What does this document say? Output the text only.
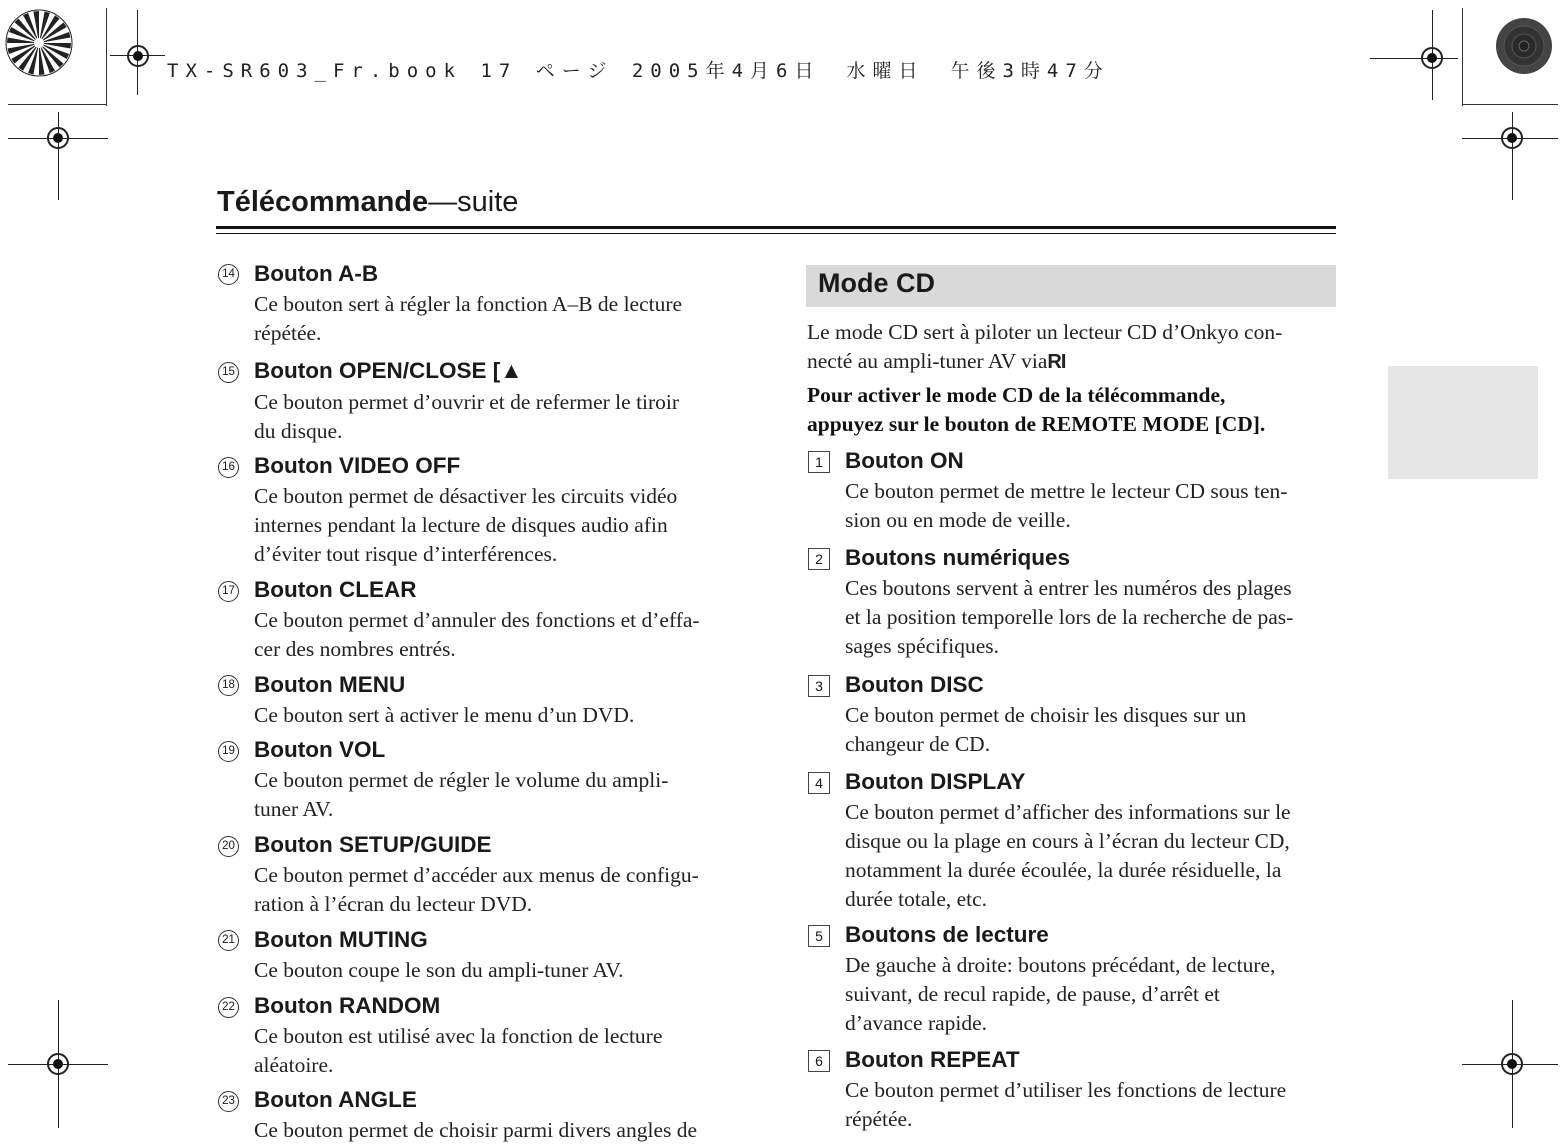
TX-SR603_Fr.book 17 ページ 2005年4月6日　水曜日　午後3時47分
Télécommande—suite
14 Bouton A-B
Ce bouton sert à régler la fonction A–B de lecture
répétée.
15 Bouton OPEN/CLOSE [▲
Ce bouton permet d’ouvrir et de refermer le tiroir
du disque.
16 Bouton VIDEO OFF
Ce bouton permet de désactiver les circuits vidéo
internes pendant la lecture de disques audio afin
d’éviter tout risque d’interférences.
17 Bouton CLEAR
Ce bouton permet d’annuler des fonctions et d’effa-
cer des nombres entrés.
18 Bouton MENU
Ce bouton sert à activer le menu d’un DVD.
19 Bouton VOL
Ce bouton permet de régler le volume du ampli-
tuner AV.
20 Bouton SETUP/GUIDE
Ce bouton permet d’accéder aux menus de configu-
ration à l’écran du lecteur DVD.
21 Bouton MUTING
Ce bouton coupe le son du ampli-tuner AV.
22 Bouton RANDOM
Ce bouton est utilisé avec la fonction de lecture
aléatoire.
23 Bouton ANGLE
Ce bouton permet de choisir parmi divers angles de
Mode CD
Le mode CD sert à piloter un lecteur CD d’Onkyo con-
necté au ampli-tuner AV viaRI
Pour activer le mode CD de la télécommande,
appuyez sur le bouton de REMOTE MODE [CD].
1 Bouton ON
Ce bouton permet de mettre le lecteur CD sous ten-
sion ou en mode de veille.
2 Boutons numériques
Ces boutons servent à entrer les numéros des plages
et la position temporelle lors de la recherche de pas-
sages spécifiques.
3 Bouton DISC
Ce bouton permet de choisir les disques sur un
changeur de CD.
4 Bouton DISPLAY
Ce bouton permet d’afficher des informations sur le
disque ou la plage en cours à l’écran du lecteur CD,
notamment la durée écoulée, la durée résiduelle, la
durée totale, etc.
5 Boutons de lecture
De gauche à droite: boutons précédant, de lecture,
suivant, de recul rapide, de pause, d’arrêt et
d’avance rapide.
6 Bouton REPEAT
Ce bouton permet d’utiliser les fonctions de lecture
répétée.
